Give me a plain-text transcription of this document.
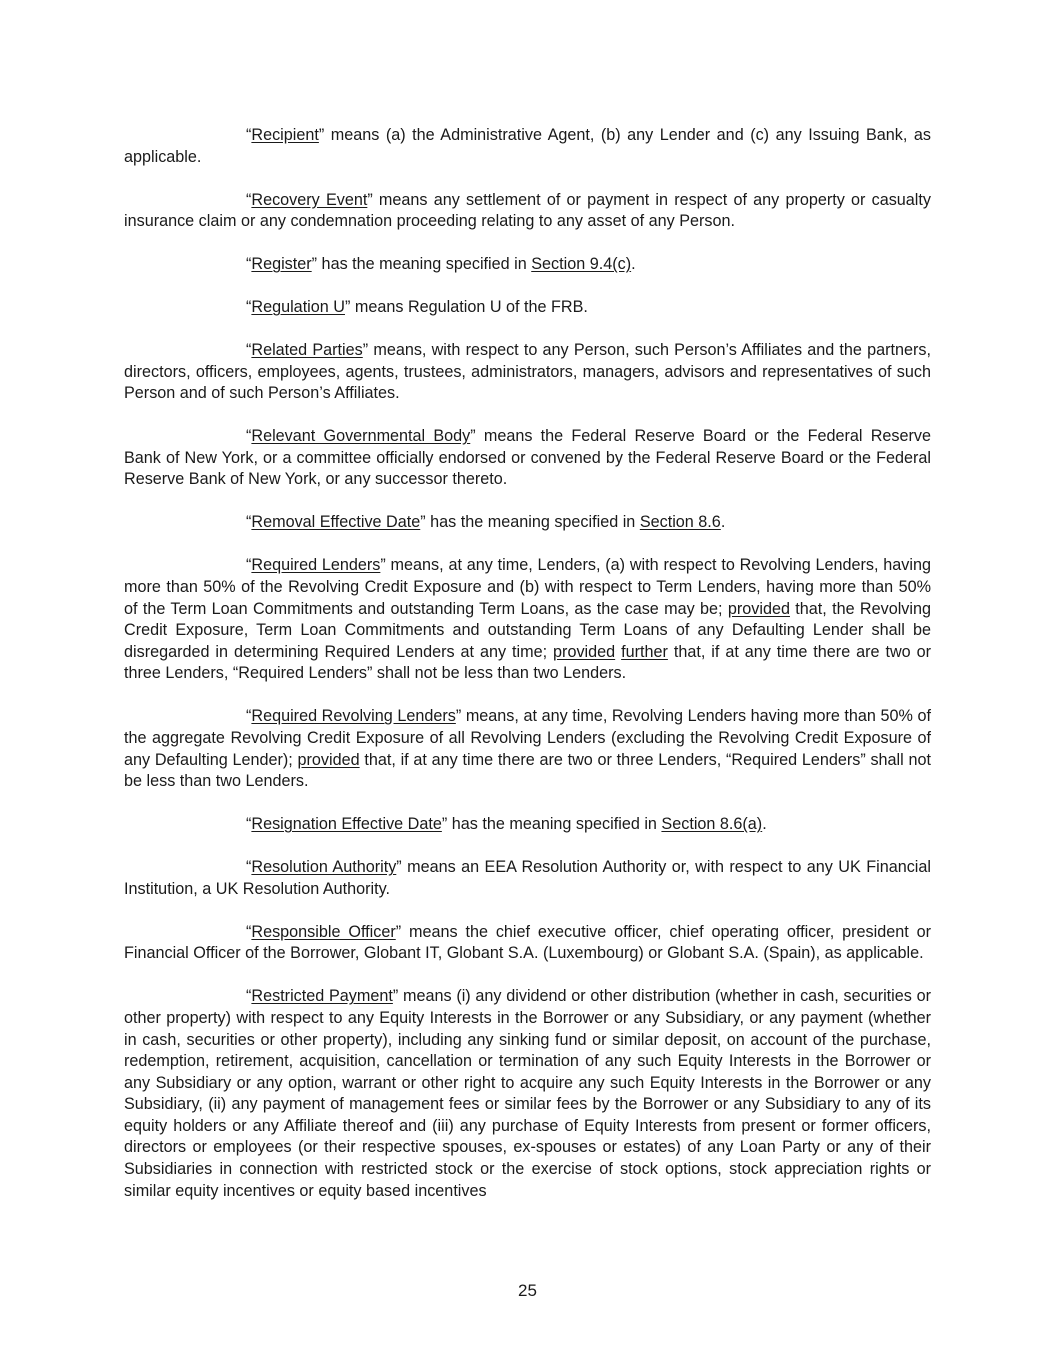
“Recipient” means (a) the Administrative Agent, (b) any Lender and (c) any Issuing Bank, as applicable.

“Recovery Event” means any settlement of or payment in respect of any property or casualty insurance claim or any condemnation proceeding relating to any asset of any Person.

“Register” has the meaning specified in Section 9.4(c).

“Regulation U” means Regulation U of the FRB.

“Related Parties” means, with respect to any Person, such Person’s Affiliates and the partners, directors, officers, employees, agents, trustees, administrators, managers, advisors and representatives of such Person and of such Person’s Affiliates.

“Relevant Governmental Body” means the Federal Reserve Board or the Federal Reserve Bank of New York, or a committee officially endorsed or convened by the Federal Reserve Board or the Federal Reserve Bank of New York, or any successor thereto.

“Removal Effective Date” has the meaning specified in Section 8.6.

“Required Lenders” means, at any time, Lenders, (a) with respect to Revolving Lenders, having more than 50% of the Revolving Credit Exposure and (b) with respect to Term Lenders, having more than 50% of the Term Loan Commitments and outstanding Term Loans, as the case may be; provided that, the Revolving Credit Exposure, Term Loan Commitments and outstanding Term Loans of any Defaulting Lender shall be disregarded in determining Required Lenders at any time; provided further that, if at any time there are two or three Lenders, “Required Lenders” shall not be less than two Lenders.

“Required Revolving Lenders” means, at any time, Revolving Lenders having more than 50% of the aggregate Revolving Credit Exposure of all Revolving Lenders (excluding the Revolving Credit Exposure of any Defaulting Lender); provided that, if at any time there are two or three Lenders, “Required Lenders” shall not be less than two Lenders.

“Resignation Effective Date” has the meaning specified in Section 8.6(a).

“Resolution Authority” means an EEA Resolution Authority or, with respect to any UK Financial Institution, a UK Resolution Authority.

“Responsible Officer” means the chief executive officer, chief operating officer, president or Financial Officer of the Borrower, Globant IT, Globant S.A. (Luxembourg) or Globant S.A. (Spain), as applicable.

“Restricted Payment” means (i) any dividend or other distribution (whether in cash, securities or other property) with respect to any Equity Interests in the Borrower or any Subsidiary, or any payment (whether in cash, securities or other property), including any sinking fund or similar deposit, on account of the purchase, redemption, retirement, acquisition, cancellation or termination of any such Equity Interests in the Borrower or any Subsidiary or any option, warrant or other right to acquire any such Equity Interests in the Borrower or any Subsidiary, (ii) any payment of management fees or similar fees by the Borrower or any Subsidiary to any of its equity holders or any Affiliate thereof and (iii) any purchase of Equity Interests from present or former officers, directors or employees (or their respective spouses, ex-spouses or estates) of any Loan Party or any of their Subsidiaries in connection with restricted stock or the exercise of stock options, stock appreciation rights or similar equity incentives or equity based incentives

25
